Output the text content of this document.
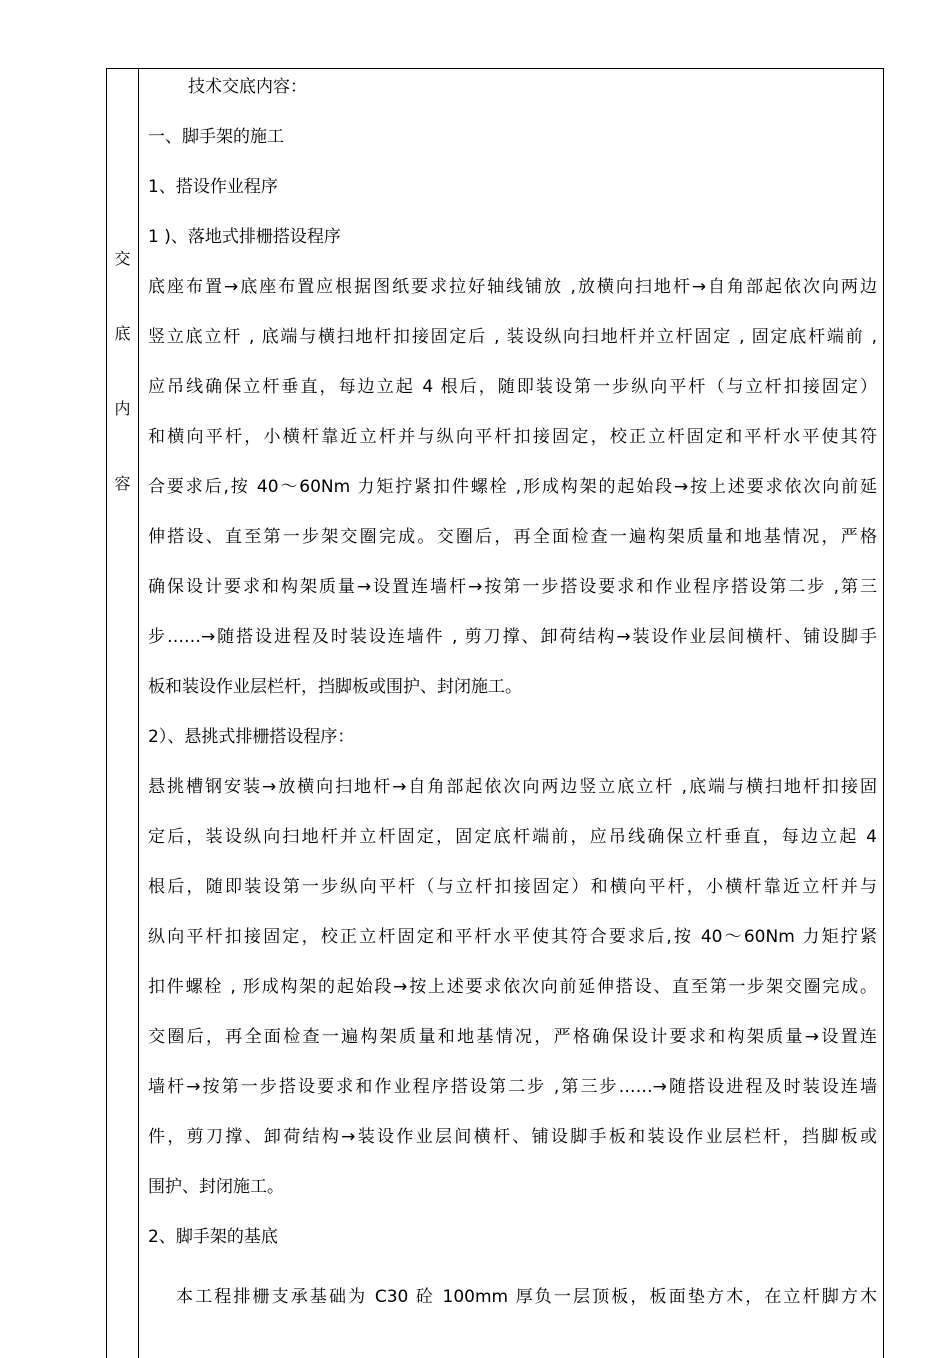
交
底
内
容
技术交底内容：
一、脚手架的施工
1、搭设作业程序
1 )、落地式排栅搭设程序
底座布置→底座布置应根据图纸要求拉好轴线铺放 ,放横向扫地杆→自角部起依次向两边
竖立底立杆 , 底端与横扫地杆扣接固定后 , 装设纵向扫地杆并立杆固定 , 固定底杆端前 ,
应吊线确保立杆垂直，每边立起 4 根后，随即装设第一步纵向平杆（与立杆扣接固定）
和横向平杆，小横杆靠近立杆并与纵向平杆扣接固定，校正立杆固定和平杆水平使其符
合要求后,按 40～60Nm 力矩拧紧扣件螺栓 ,形成构架的起始段→按上述要求依次向前延
伸搭设、直至第一步架交圈完成。交圈后，再全面检查一遍构架质量和地基情况，严格
确保设计要求和构架质量→设置连墙杆→按第一步搭设要求和作业程序搭设第二步 ,第三
步……→随搭设进程及时装设连墙件 , 剪刀撑、卸荷结构→装设作业层间横杆、铺设脚手
板和装设作业层栏杆，挡脚板或围护、封闭施工。
2）、悬挑式排栅搭设程序：
悬挑槽钢安装→放横向扫地杆→自角部起依次向两边竖立底立杆 ,底端与横扫地杆扣接固
定后，装设纵向扫地杆并立杆固定，固定底杆端前，应吊线确保立杆垂直，每边立起 4
根后，随即装设第一步纵向平杆（与立杆扣接固定）和横向平杆，小横杆靠近立杆并与
纵向平杆扣接固定，校正立杆固定和平杆水平使其符合要求后,按 40～60Nm 力矩拧紧
扣件螺栓 , 形成构架的起始段→按上述要求依次向前延伸搭设、直至第一步架交圈完成。
交圈后，再全面检查一遍构架质量和地基情况，严格确保设计要求和构架质量→设置连
墙杆→按第一步搭设要求和作业程序搭设第二步 ,第三步……→随搭设进程及时装设连墙
件，剪刀撑、卸荷结构→装设作业层间横杆、铺设脚手板和装设作业层栏杆，挡脚板或
围护、封闭施工。
2、脚手架的基底
本工程排栅支承基础为 C30 砼 100mm 厚负一层顶板，板面垫方木，在立杆脚方木
